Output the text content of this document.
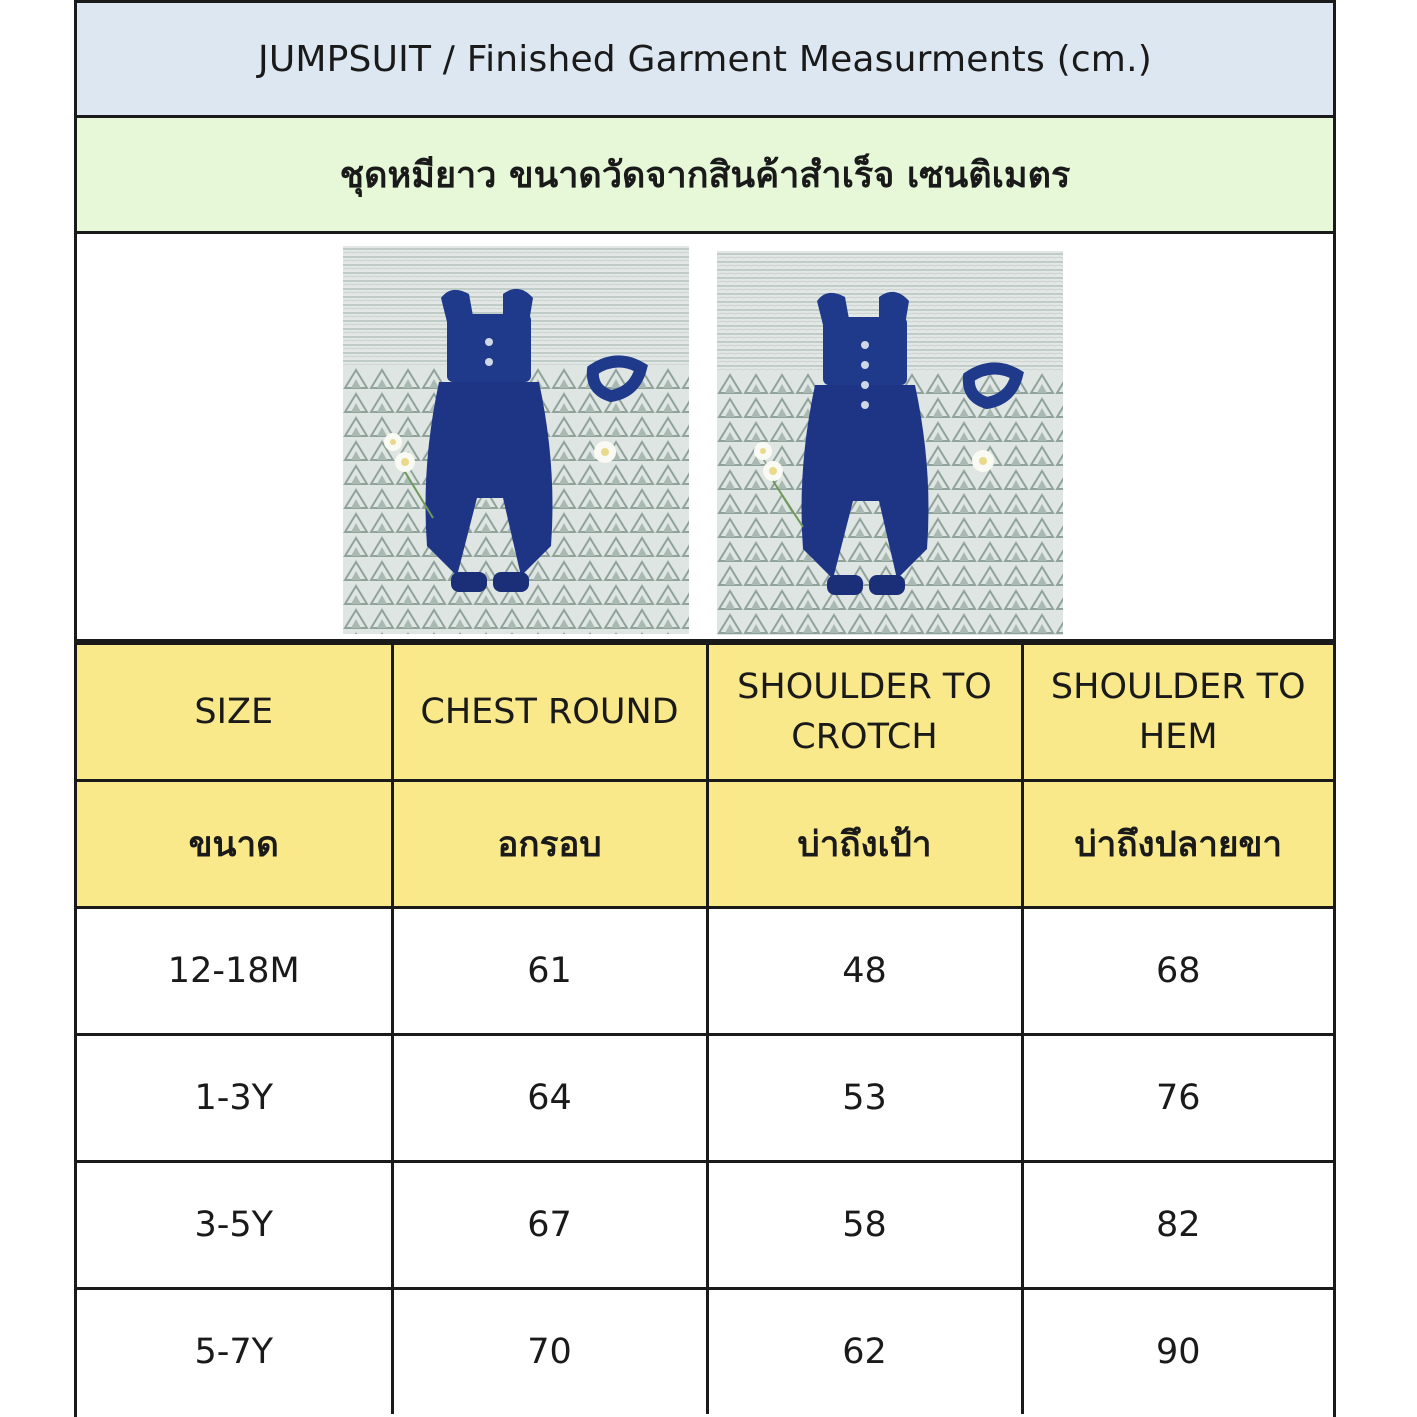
JUMPSUIT / Finished Garment Measurments (cm.)
ชุดหมียาว ขนาดวัดจากสินค้าสำเร็จ เซนติเมตร
SIZE	CHEST ROUND	SHOULDER TO CROTCH	SHOULDER TO HEM
ขนาด	อกรอบ	บ่าถึงเป้า	บ่าถึงปลายขา
12-18M	61	48	68
1-3Y	64	53	76
3-5Y	67	58	82
5-7Y	70	62	90
